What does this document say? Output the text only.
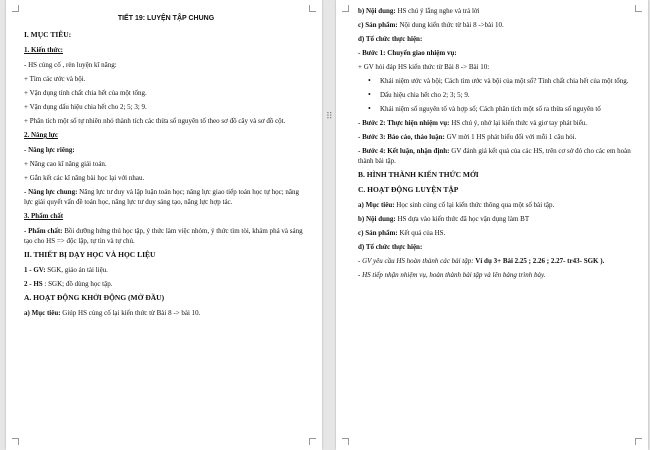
TIẾT 19: LUYỆN TẬP CHUNG
I. MỤC TIÊU:
1. Kiến thức:
- HS củng cố , rèn luyện kĩ năng:
+ Tìm các ước và bội.
+ Vận dụng tính chất chia hết của một tổng.
+ Vận dụng dấu hiệu chia hết cho 2; 5; 3; 9.
+ Phân tích một số tự nhiên nhỏ thành tích các thừa số nguyên tố theo sơ đồ cây và sơ đồ cột.
2. Năng lực
- Năng lực riêng:
+ Nâng cao kĩ năng giải toán.
+ Gắn kết các kĩ năng bài học lại với nhau.
- Năng lực chung: Năng lực tư duy và lập luận toán học; năng lực giao tiếp toán học tự học; năng lực giải quyết vấn đề toán học, năng lực tư duy sáng tạo, năng lực hợp tác.
3. Phẩm chất
- Phẩm chất: Bồi dưỡng hứng thú học tập, ý thức làm việc nhóm, ý thức tìm tòi, khám phá và sáng tạo cho HS => độc lập, tự tin và tự chủ.
II. THIẾT BỊ DẠY HỌC VÀ HỌC LIỆU
1 - GV: SGK, giáo án tài liệu.
2 - HS : SGK; đồ dùng học tập.
A. HOẠT ĐỘNG KHỞI ĐỘNG (MỞ ĐẦU)
a) Mục tiêu: Giúp HS củng cố lại kiến thức từ Bài 8 -> bài 10.
⠿
b) Nội dung: HS chú ý lắng nghe và trả lời
c) Sản phẩm: Nội dung kiến thức từ bài 8 ->bài 10.
d) Tổ chức thực hiện:
- Bước 1: Chuyển giao nhiệm vụ:
+ GV hỏi đáp HS kiến thức từ Bài 8 -> Bài 10:
• Khái niệm ước và bội; Cách tìm ước và bội của một số? Tính chất chia hết của một tổng.
• Dấu hiệu chia hết cho 2; 3; 5; 9.
• Khái niệm số nguyên tố và hợp số; Cách phân tích một số ra thừa số nguyên tố
- Bước 2: Thực hiện nhiệm vụ: HS chú ý, nhớ lại kiến thức và giơ tay phát biểu.
- Bước 3: Báo cáo, thảo luận: GV mời 1 HS phát biểu đối với mỗi 1 câu hỏi.
- Bước 4: Kết luận, nhận định: GV đánh giá kết quả của các HS, trên cơ sở đó cho các em hoàn thành bài tập.
B. HÌNH THÀNH KIẾN THỨC MỚI
C. HOẠT ĐỘNG LUYỆN TẬP
a) Mục tiêu: Học sinh củng cố lại kiến thức thông qua một số bài tập.
b) Nội dung: HS dựa vào kiến thức đã học vận dụng làm BT
c) Sản phẩm: Kết quả của HS.
d) Tổ chức thực hiện:
- GV yêu cầu HS hoàn thành các bài tập: Ví dụ 3+ Bài 2.25 ; 2.26 ; 2.27- tr43- SGK ).
- HS tiếp nhận nhiệm vụ, hoàn thành bài tập và lên bảng trình bày.
